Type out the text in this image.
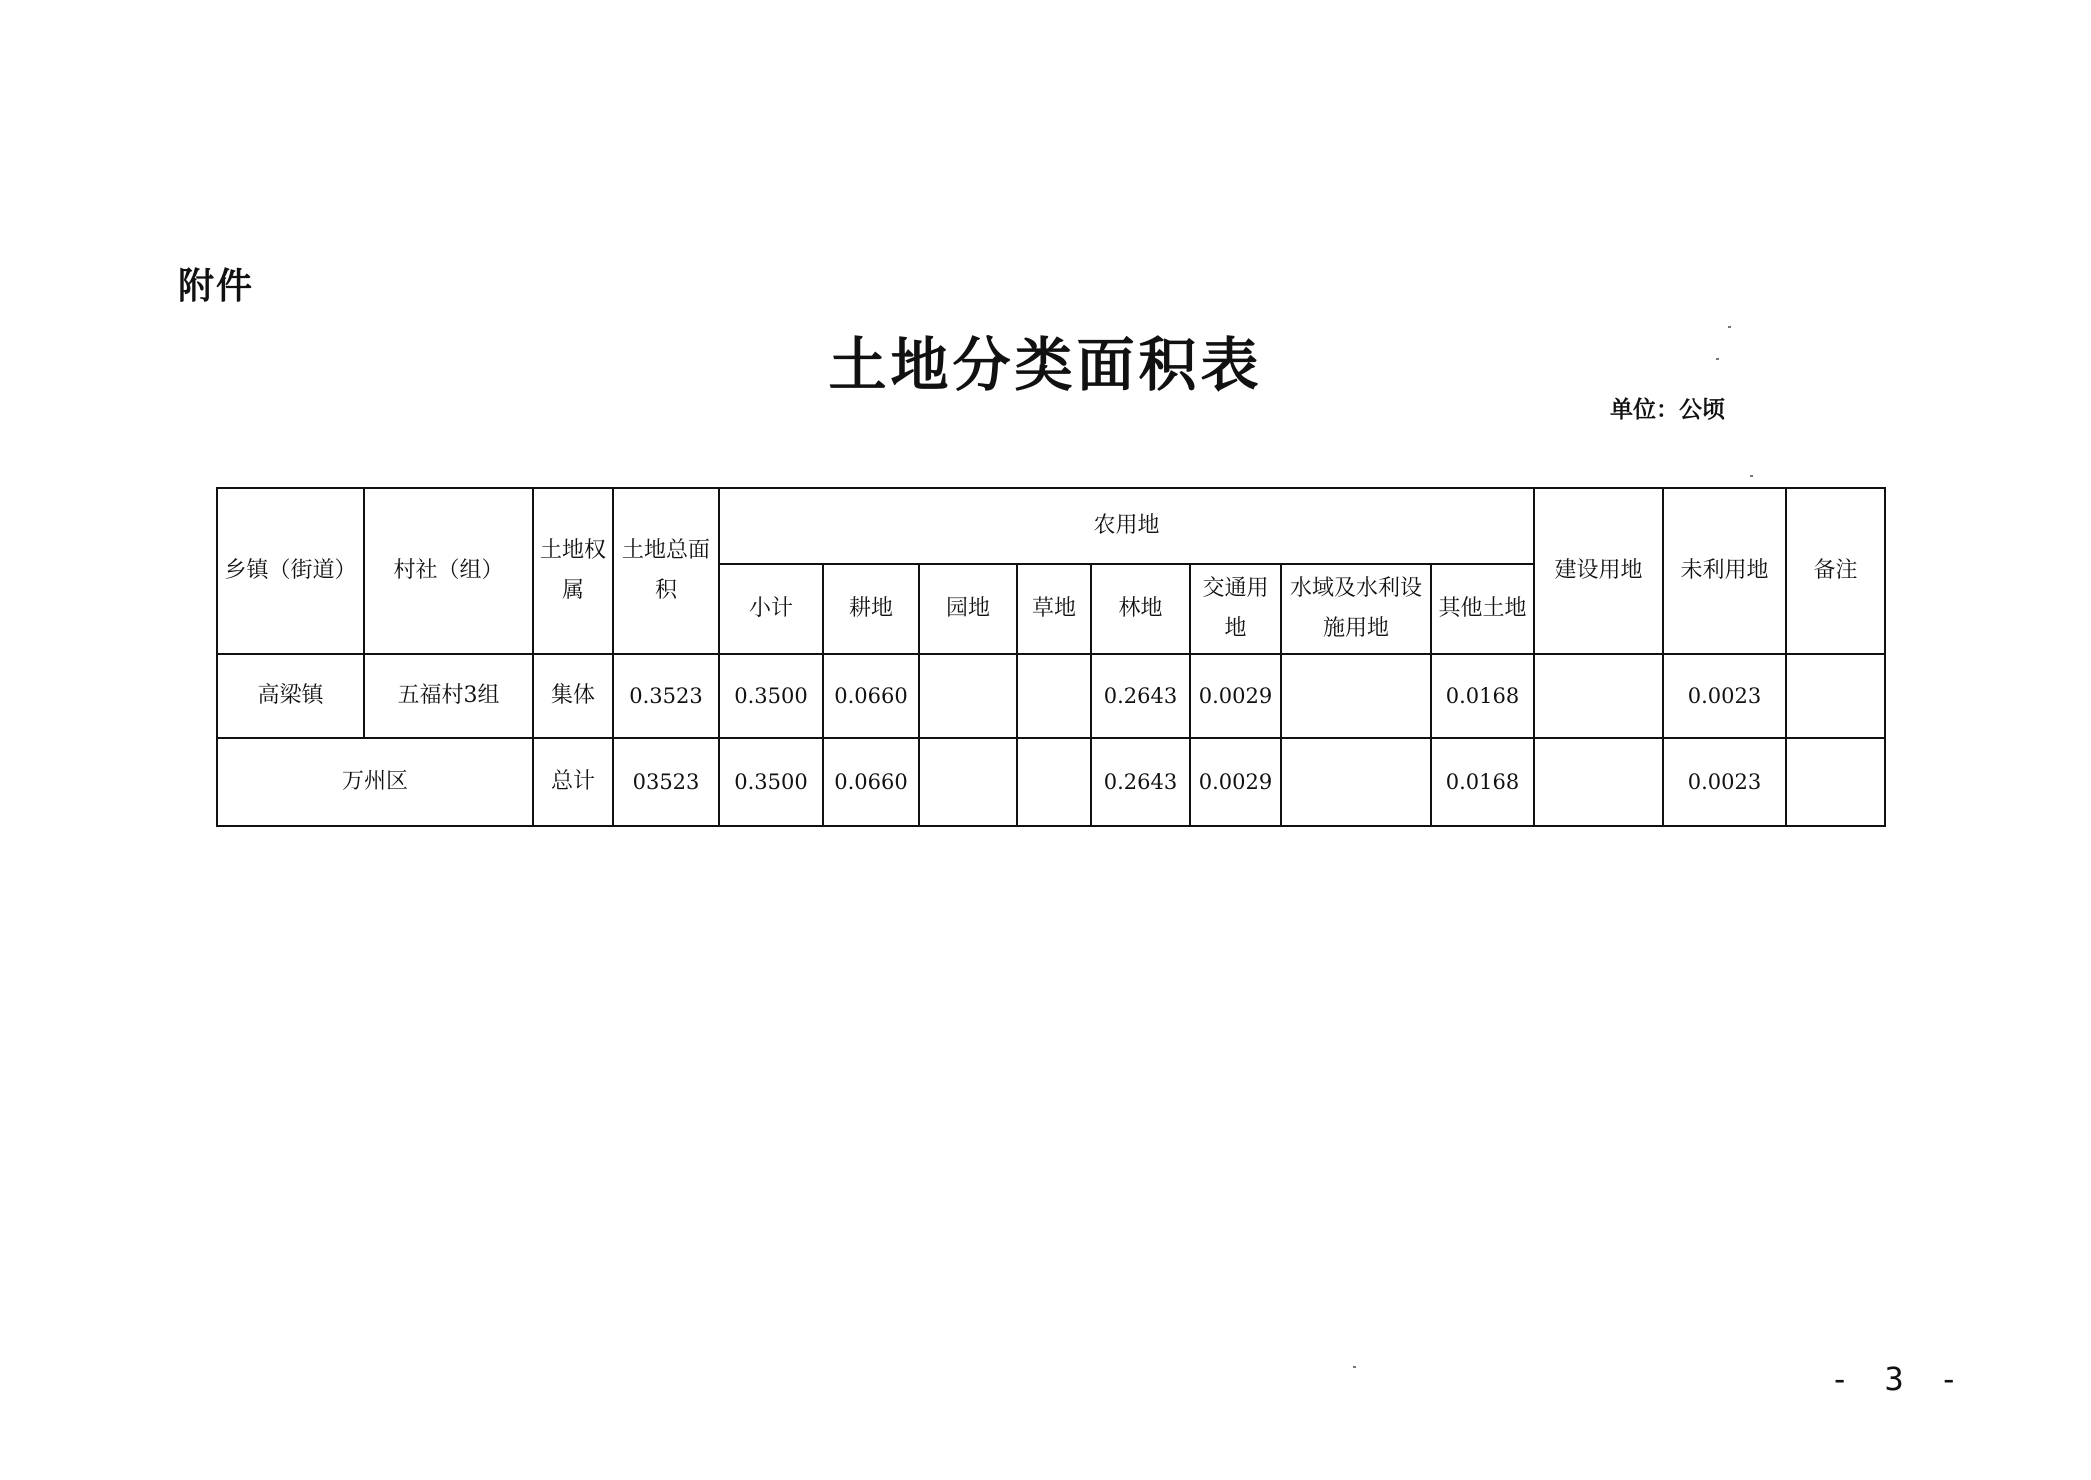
附件
土地分类面积表
单位：公顷
乡镇（街道）	村社（组）	土地权属	土地总面积	农用地								建设用地	未利用地	备注
				小计	耕地	园地	草地	林地	交通用地	水域及水利设施用地	其他土地			
高梁镇	五福村3组	集体	0.3523	0.3500	0.0660			0.2643	0.0029		0.0168		0.0023	
万州区		总计	03523	0.3500	0.0660			0.2643	0.0029		0.0168		0.0023	
- 3 -
